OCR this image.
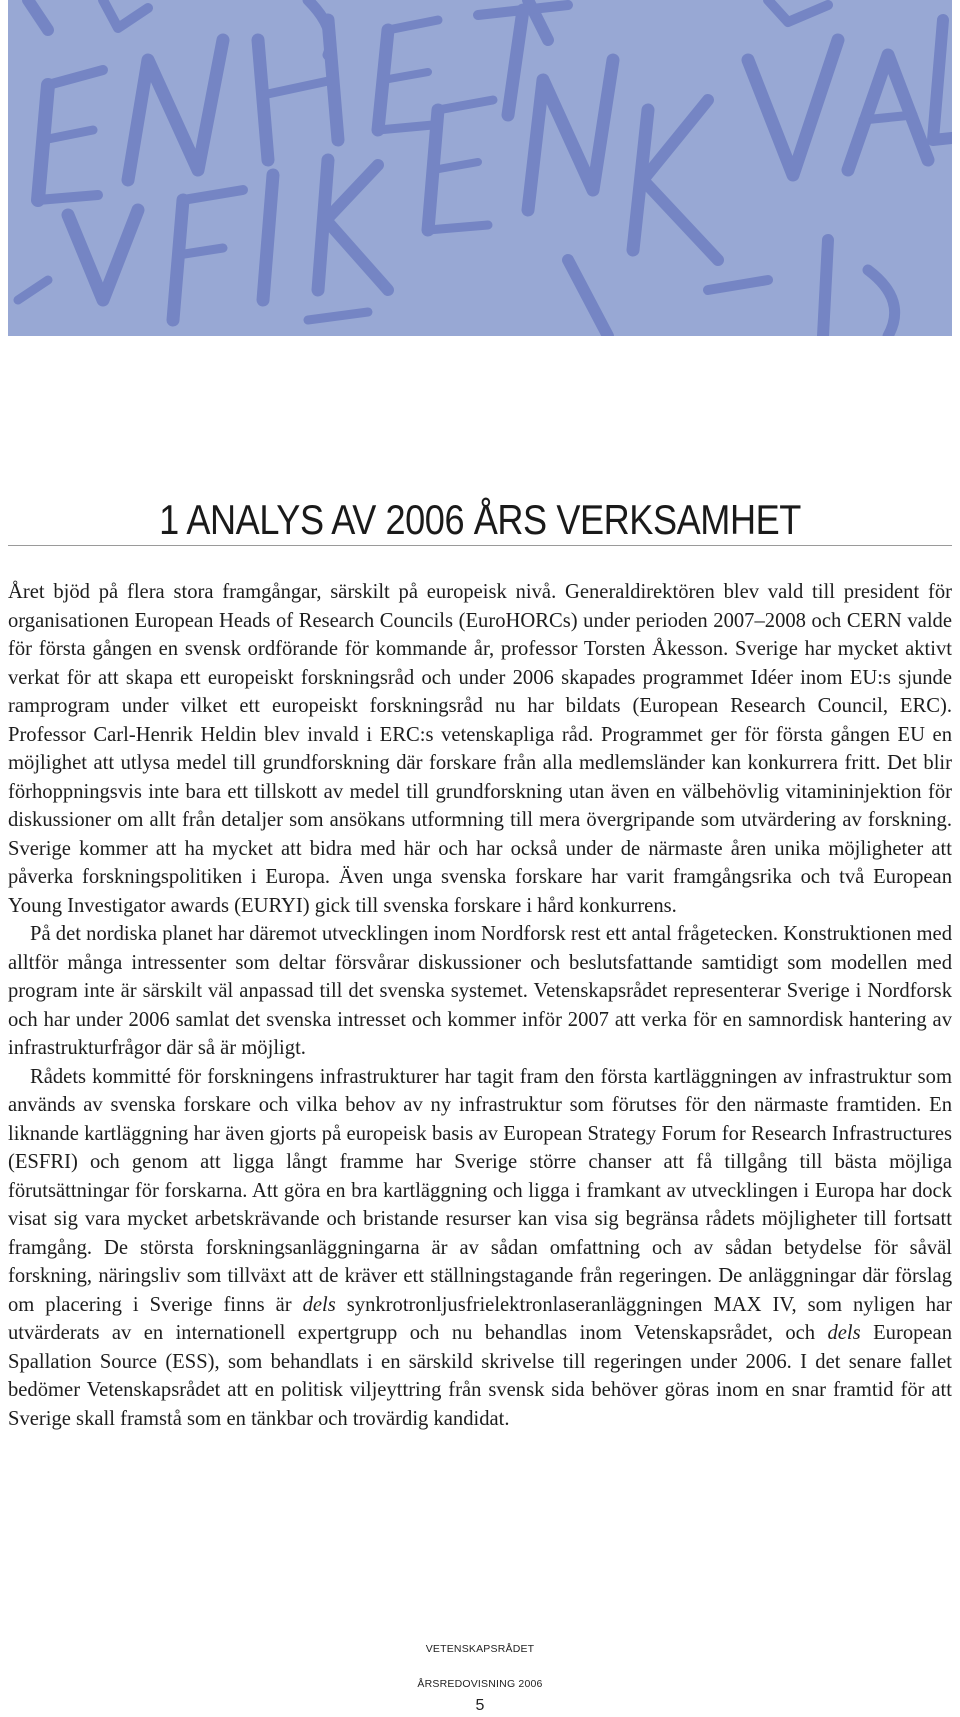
1 ANALYS AV 2006 ÅRS VERKSAMHET

Året bjöd på flera stora framgångar, särskilt på europeisk nivå. Generaldirektören blev vald till president för organisationen European Heads of Research Councils (EuroHORCs) under perioden 2007–2008 och CERN valde för första gången en svensk ordförande för kommande år, professor Torsten Åkesson. Sverige har mycket aktivt verkat för att skapa ett europeiskt forskningsråd och under 2006 skapades programmet Idéer inom EU:s sjunde ramprogram under vilket ett europeiskt forskningsråd nu har bildats (European Research Council, ERC). Professor Carl-Henrik Heldin blev invald i ERC:s vetenskapliga råd. Programmet ger för första gången EU en möjlighet att utlysa medel till grundforskning där forskare från alla medlemsländer kan konkurrera fritt. Det blir förhoppningsvis inte bara ett tillskott av medel till grundforskning utan även en välbehövlig vitamininjektion för diskussioner om allt från detaljer som ansökans utformning till mera övergripande som utvärdering av forskning. Sverige kommer att ha mycket att bidra med här och har också under de närmaste åren unika möjligheter att påverka forskningspolitiken i Europa. Även unga svenska forskare har varit framgångsrika och två European Young Investigator awards (EURYI) gick till svenska forskare i hård konkurrens.

På det nordiska planet har däremot utvecklingen inom Nordforsk rest ett antal frågetecken. Konstruktionen med alltför många intressenter som deltar försvårar diskussioner och beslutsfattande samtidigt som modellen med program inte är särskilt väl anpassad till det svenska systemet. Vetenskapsrådet representerar Sverige i Nordforsk och har under 2006 samlat det svenska intresset och kommer inför 2007 att verka för en samnordisk hantering av infrastrukturfrågor där så är möjligt.

Rådets kommitté för forskningens infrastrukturer har tagit fram den första kartläggningen av infrastruktur som används av svenska forskare och vilka behov av ny infrastruktur som förutses för den närmaste framtiden. En liknande kartläggning har även gjorts på europeisk basis av European Strategy Forum for Research Infrastructures (ESFRI) och genom att ligga långt framme har Sverige större chanser att få tillgång till bästa möjliga förutsättningar för forskarna. Att göra en bra kartläggning och ligga i framkant av utvecklingen i Europa har dock visat sig vara mycket arbetskrävande och bristande resurser kan visa sig begränsa rådets möjligheter till fortsatt framgång. De största forskningsanläggningarna är av sådan omfattning och av sådan betydelse för såväl forskning, näringsliv som tillväxt att de kräver ett ställningstagande från regeringen. De anläggningar där förslag om placering i Sverige finns är dels synkrotronljusfrielektronlaseranläggningen MAX IV, som nyligen har utvärderats av en internationell expertgrupp och nu behandlas inom Vetenskapsrådet, och dels European Spallation Source (ESS), som behandlats i en särskild skrivelse till regeringen under 2006. I det senare fallet bedömer Vetenskapsrådet att en politisk viljeyttring från svensk sida behöver göras inom en snar framtid för att Sverige skall framstå som en tänkbar och trovärdig kandidat.

VETENSKAPSRÅDET
ÅRSREDOVISNING 2006
5
